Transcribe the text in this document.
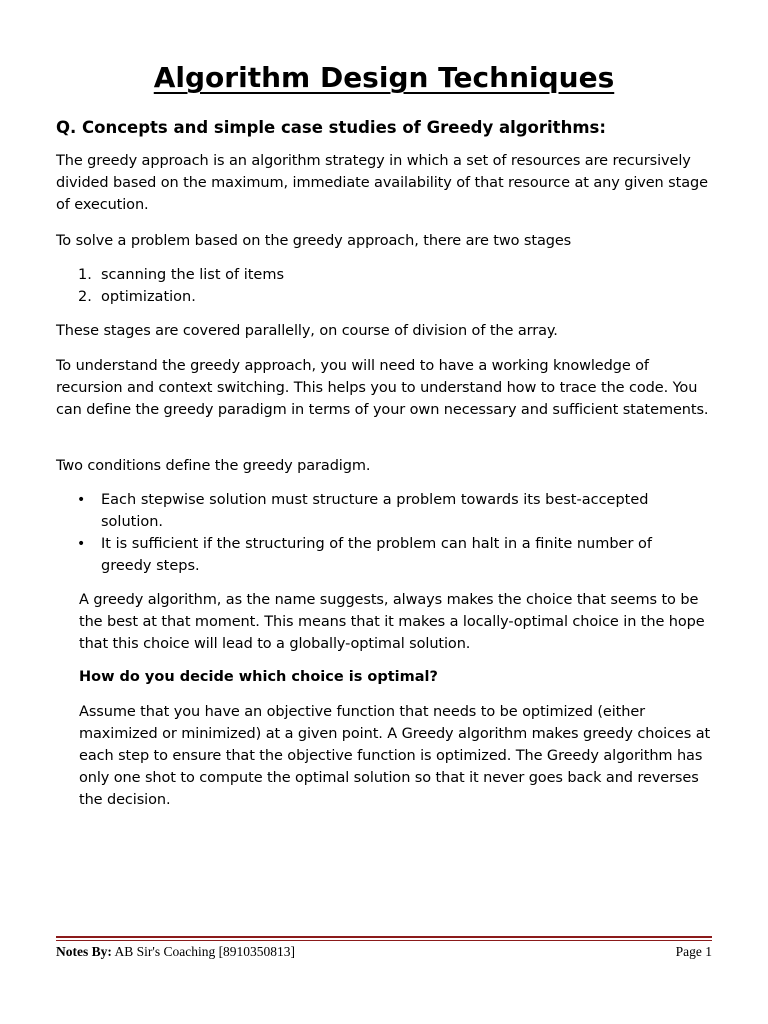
Algorithm Design Techniques
Q. Concepts and simple case studies of Greedy algorithms:

The greedy approach is an algorithm strategy in which a set of resources are recursively divided based on the maximum, immediate availability of that resource at any given stage of execution.

To solve a problem based on the greedy approach, there are two stages

1. scanning the list of items
2. optimization.

These stages are covered parallelly, on course of division of the array.

To understand the greedy approach, you will need to have a working knowledge of recursion and context switching. This helps you to understand how to trace the code. You can define the greedy paradigm in terms of your own necessary and sufficient statements.

Two conditions define the greedy paradigm.

• Each stepwise solution must structure a problem towards its best-accepted solution.
• It is sufficient if the structuring of the problem can halt in a finite number of greedy steps.

A greedy algorithm, as the name suggests, always makes the choice that seems to be the best at that moment. This means that it makes a locally-optimal choice in the hope that this choice will lead to a globally-optimal solution.

How do you decide which choice is optimal?

Assume that you have an objective function that needs to be optimized (either maximized or minimized) at a given point. A Greedy algorithm makes greedy choices at each step to ensure that the objective function is optimized. The Greedy algorithm has only one shot to compute the optimal solution so that it never goes back and reverses the decision.

Notes By: AB Sir's Coaching [8910350813]	Page 1
